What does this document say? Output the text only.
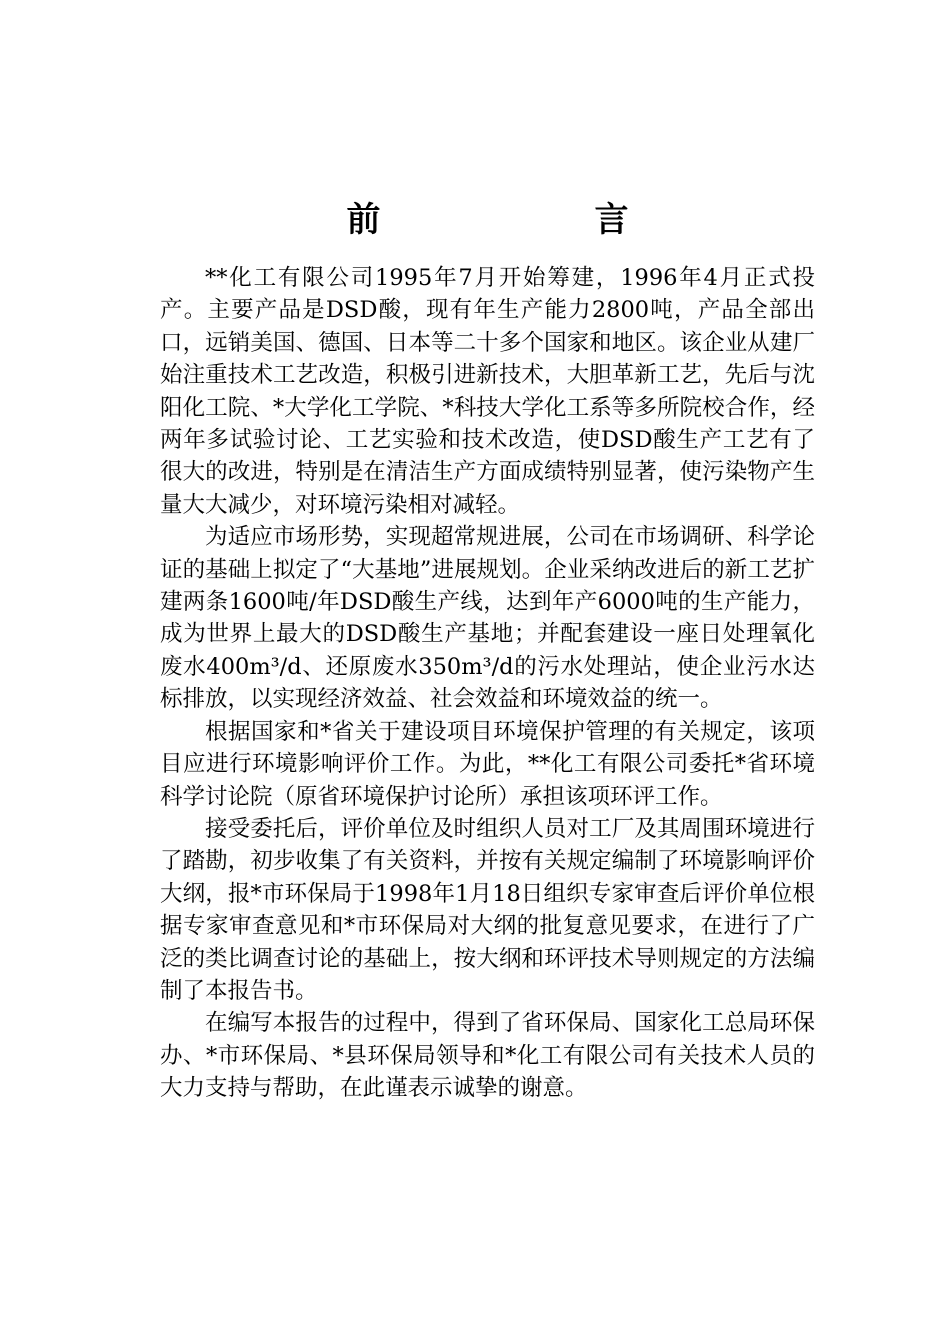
前　言

**化工有限公司1995年7月开始筹建，1996年4月正式投产。主要产品是DSD酸，现有年生产能力2800吨，产品全部出口，远销美国、德国、日本等二十多个国家和地区。该企业从建厂始注重技术工艺改造，积极引进新技术，大胆革新工艺，先后与沈阳化工院、*大学化工学院、*科技大学化工系等多所院校合作，经两年多试验讨论、工艺实验和技术改造，使DSD酸生产工艺有了很大的改进，特别是在清洁生产方面成绩特别显著，使污染物产生量大大减少，对环境污染相对减轻。

为适应市场形势，实现超常规进展，公司在市场调研、科学论证的基础上拟定了“大基地”进展规划。企业采纳改进后的新工艺扩建两条1600吨/年DSD酸生产线，达到年产6000吨的生产能力，成为世界上最大的DSD酸生产基地；并配套建设一座日处理氧化废水400m³/d、还原废水350m³/d的污水处理站，使企业污水达标排放，以实现经济效益、社会效益和环境效益的统一。

根据国家和*省关于建设项目环境保护管理的有关规定，该项目应进行环境影响评价工作。为此，**化工有限公司委托*省环境科学讨论院（原省环境保护讨论所）承担该项环评工作。

接受委托后，评价单位及时组织人员对工厂及其周围环境进行了踏勘，初步收集了有关资料，并按有关规定编制了环境影响评价大纲，报*市环保局于1998年1月18日组织专家审查后评价单位根据专家审查意见和*市环保局对大纲的批复意见要求，在进行了广泛的类比调查讨论的基础上，按大纲和环评技术导则规定的方法编制了本报告书。

在编写本报告的过程中，得到了省环保局、国家化工总局环保办、*市环保局、*县环保局领导和*化工有限公司有关技术人员的大力支持与帮助，在此谨表示诚挚的谢意。
